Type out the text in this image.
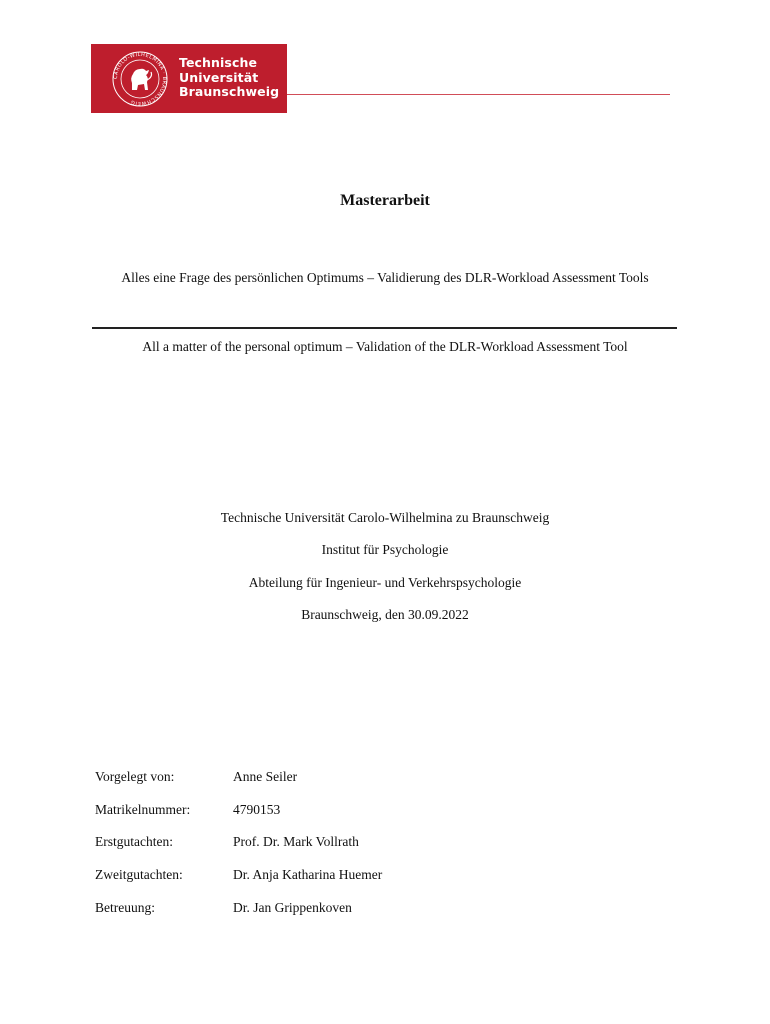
CAROLO-WILHELMINA · BRAUNSCHWEIG
Technische
Universität
Braunschweig
Masterarbeit
Alles eine Frage des persönlichen Optimums – Validierung des DLR-Workload Assessment Tools
All a matter of the personal optimum – Validation of the DLR-Workload Assessment Tool
Technische Universität Carolo-Wilhelmina zu Braunschweig
Institut für Psychologie
Abteilung für Ingenieur- und Verkehrspsychologie
Braunschweig, den 30.09.2022
Vorgelegt von:	Anne Seiler
Matrikelnummer:	4790153
Erstgutachten:	Prof. Dr. Mark Vollrath
Zweitgutachten:	Dr. Anja Katharina Huemer
Betreuung:	Dr. Jan Grippenkoven
